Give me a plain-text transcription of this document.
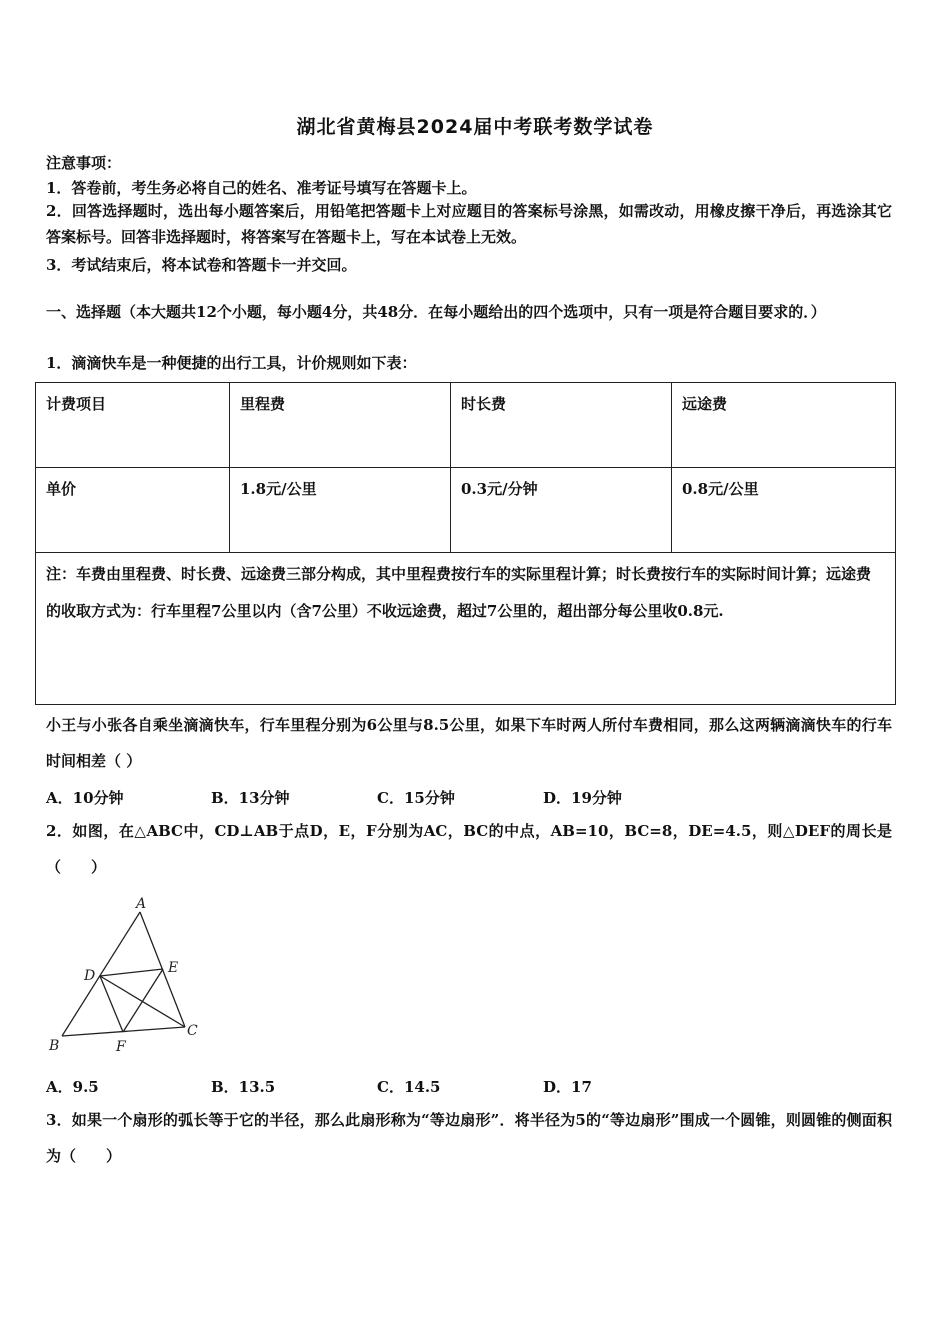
湖北省黄梅县2024届中考联考数学试卷
注意事项：
1．答卷前，考生务必将自己的姓名、准考证号填写在答题卡上。
2．回答选择题时，选出每小题答案后，用铅笔把答题卡上对应题目的答案标号涂黑，如需改动，用橡皮擦干净后，再选涂其它答案标号。回答非选择题时，将答案写在答题卡上，写在本试卷上无效。
3．考试结束后，将本试卷和答题卡一并交回。
一、选择题（本大题共12个小题，每小题4分，共48分．在每小题给出的四个选项中，只有一项是符合题目要求的．）
1．滴滴快车是一种便捷的出行工具，计价规则如下表：
计费项目	里程费	时长费	远途费
单价	1.8元/公里	0.3元/分钟	0.8元/公里
注：车费由里程费、时长费、远途费三部分构成，其中里程费按行车的实际里程计算；时长费按行车的实际时间计算；远途费的收取方式为：行车里程7公里以内（含7公里）不收远途费，超过7公里的，超出部分每公里收0.8元.			
小王与小张各自乘坐滴滴快车，行车里程分别为6公里与8.5公里，如果下车时两人所付车费相同，那么这两辆滴滴快车的行车时间相差（ ）
A．10分钟	B．13分钟	C．15分钟	D．19分钟
2．如图，在△ABC中，CD⊥AB于点D，E，F分别为AC，BC的中点，AB=10，BC=8，DE=4.5，则△DEF的周长是（　　）
A
B
C
D	E
F
A．9.5	B．13.5	C．14.5	D．17
3．如果一个扇形的弧长等于它的半径，那么此扇形称为“等边扇形”．将半径为5的“等边扇形”围成一个圆锥，则圆锥的侧面积为（　　）
